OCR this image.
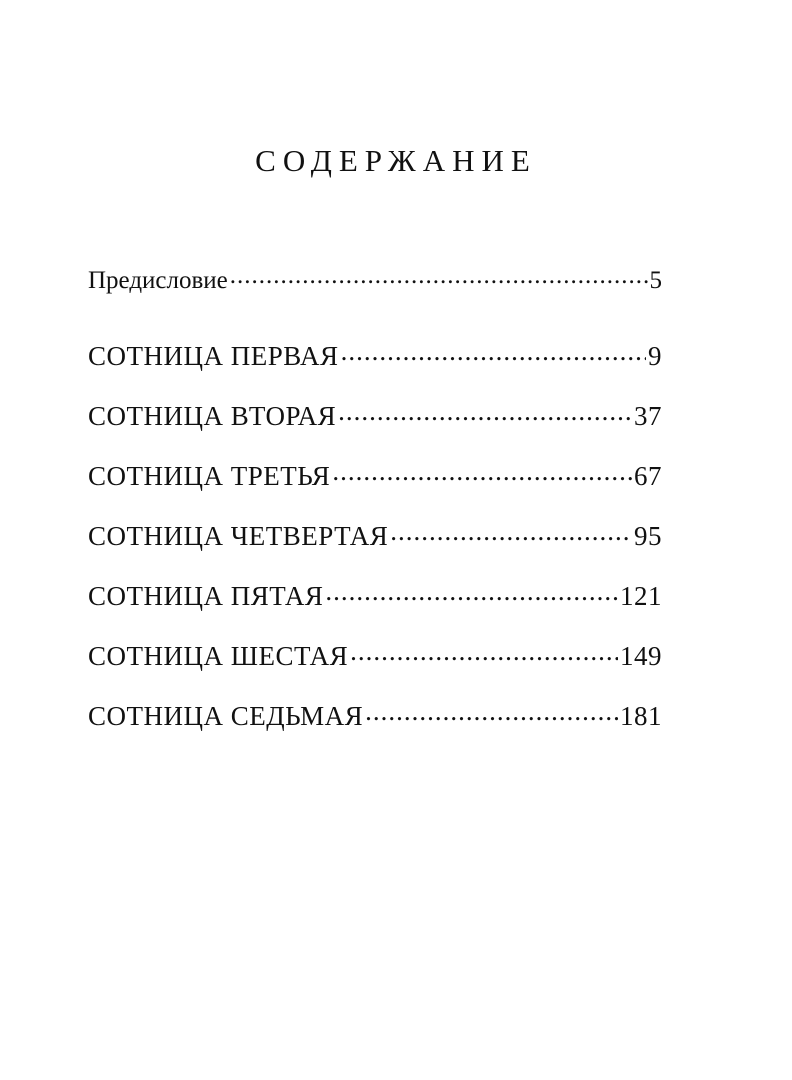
СОДЕРЖАНИЕ
Предисловие .....	5
СОТНИЦА ПЕРВАЯ .....	9
СОТНИЦА ВТОРАЯ .....	37
СОТНИЦА ТРЕТЬЯ .....	67
СОТНИЦА ЧЕТВЕРТАЯ .....	95
СОТНИЦА ПЯТАЯ .....	121
СОТНИЦА ШЕСТАЯ .....	149
СОТНИЦА СЕДЬМАЯ .....	181
